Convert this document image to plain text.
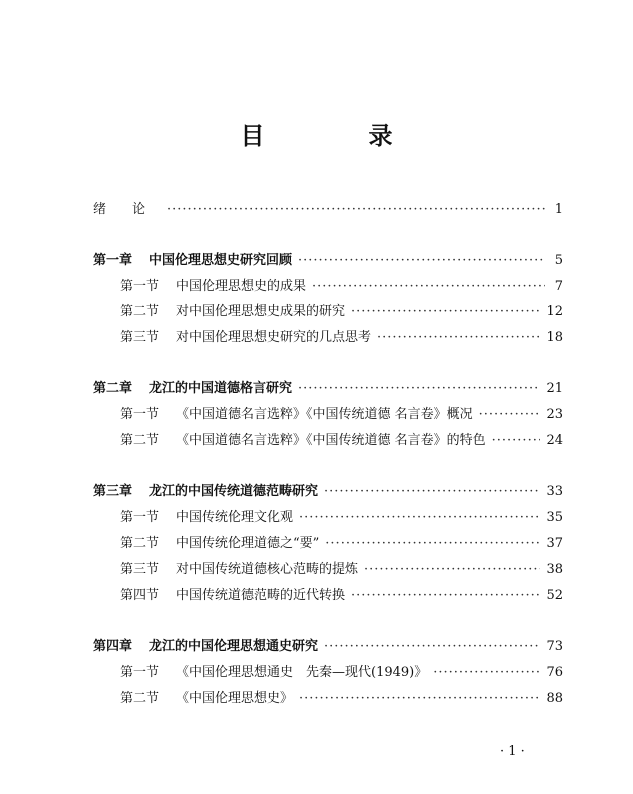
目　录
绪　　论 ·····	1
第一章	中国伦理思想史研究回顾 ·····	5
第一节	中国伦理思想史的成果 ·····	7
第二节	对中国伦理思想史成果的研究 ·····	12
第三节	对中国伦理思想史研究的几点思考 ·····	18
第二章	龙江的中国道德格言研究 ·····	21
第一节	《中国道德名言选粹》《中国传统道德 名言卷》概况 ·····	23
第二节	《中国道德名言选粹》《中国传统道德 名言卷》的特色 ·····	24
第三章	龙江的中国传统道德范畴研究 ·····	33
第一节	中国传统伦理文化观 ·····	35
第二节	中国传统伦理道德之“要” ·····	37
第三节	对中国传统道德核心范畴的提炼 ·····	38
第四节	中国传统道德范畴的近代转换 ·····	52
第四章	龙江的中国伦理思想通史研究 ·····	73
第一节	《中国伦理思想通史　先秦—现代(1949)》 ·····	76
第二节	《中国伦理思想史》 ·····	88
· 1 ·
